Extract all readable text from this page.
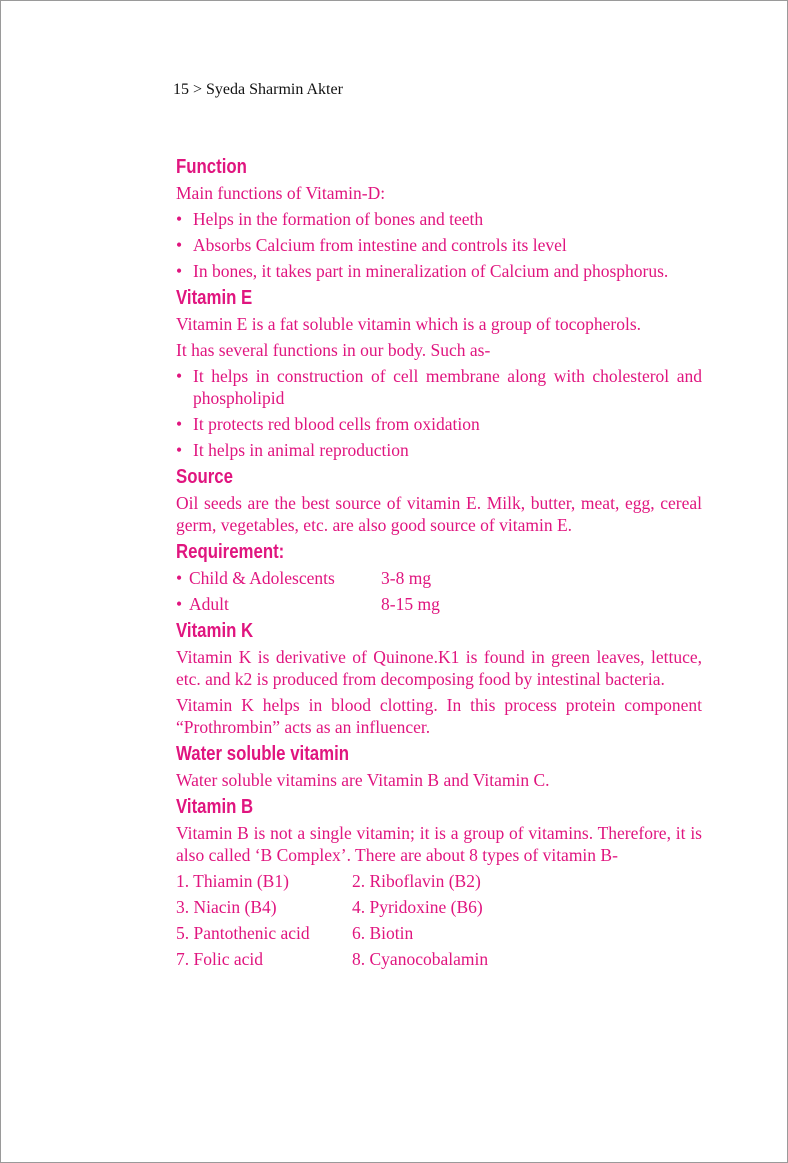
15 > Syeda Sharmin Akter
Function

Main functions of Vitamin-D:

• Helps in the formation of bones and teeth
• Absorbs Calcium from intestine and controls its level
• In bones, it takes part in mineralization of Calcium and phosphorus.
Vitamin E

Vitamin E is a fat soluble vitamin which is a group of tocopherols.

It has several functions in our body. Such as-

• It helps in construction of cell membrane along with cholesterol and phospholipid
• It protects red blood cells from oxidation
• It helps in animal reproduction
Source

Oil seeds are the best source of vitamin E. Milk, butter, meat, egg, cereal germ, vegetables, etc. are also good source of vitamin E.

Requirement:
• Child & Adolescents	3-8 mg
• Adult	8-15 mg
Vitamin K

Vitamin K is derivative of Quinone.K1 is found in green leaves, lettuce, etc. and k2 is produced from decomposing food by intestinal bacteria.

Vitamin K helps in blood clotting. In this process protein component “Prothrombin” acts as an influencer.

Water soluble vitamin

Water soluble vitamins are Vitamin B and Vitamin C.

Vitamin B

Vitamin B is not a single vitamin; it is a group of vitamins. Therefore, it is also called ‘B Complex’. There are about 8 types of vitamin B-

1. Thiamin (B1)	2. Riboflavin (B2)
3. Niacin (B4)	4. Pyridoxine (B6)
5. Pantothenic acid	6. Biotin
7. Folic acid	8. Cyanocobalamin
